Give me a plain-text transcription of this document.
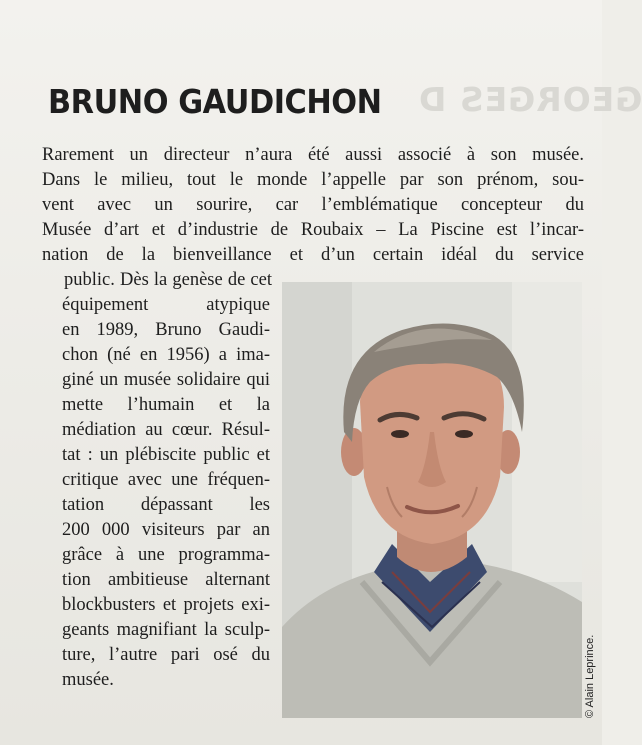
GEORGES D
BRUNO GAUDICHON

Rarement un directeur n’aura été aussi associé à son musée.

Dans le milieu, tout le monde l’appelle par son prénom, sou-

vent avec un sourire, car l’emblématique concepteur du

Musée d’art et d’industrie de Roubaix – La Piscine est l’incar-

nation de la bienveillance et d’un certain idéal du service

public. Dès la genèse de cet

équipement atypique

en 1989, Bruno Gaudi-

chon (né en 1956) a ima-

giné un musée solidaire qui

mette l’humain et la

médiation au cœur. Résul-

tat : un plébiscite public et

critique avec une fréquen-

tation dépassant les

200 000 visiteurs par an

grâce à une programma-

tion ambitieuse alternant

blockbusters et projets exi-

geants magnifiant la sculp-

ture, l’autre pari osé du

musée.	© Alain Leprince.
